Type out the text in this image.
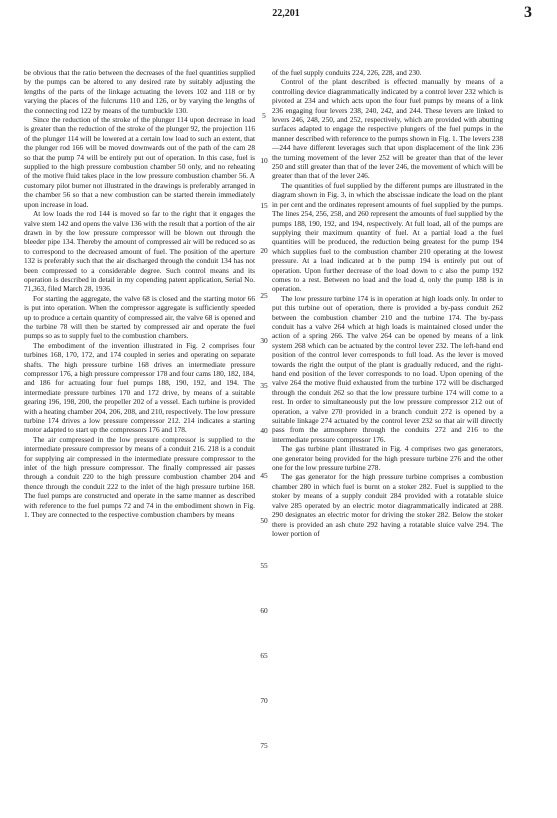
22,201	3

be obvious that the ratio between the decreases of the fuel quantities supplied by the pumps can be altered to any desired rate by suitably adjusting the lengths of the parts of the linkage actuating the levers 102 and 118 or by varying the places of the fulcrums 110 and 126, or by varying the lengths of the connecting rod 122 by means of the turnbuckle 130.

Since the reduction of the stroke of the plunger 114 upon decrease in load is greater than the reduction of the stroke of the plunger 92, the projection 116 of the plunger 114 will be lowered at a certain low load to such an extent, that the plunger rod 166 will be moved downwards out of the path of the cam 28 so that the pump 74 will be entirely put out of operation. In this case, fuel is supplied to the high pressure combustion chamber 50 only, and no reheating of the motive fluid takes place in the low pressure combustion chamber 56. A customary pilot burner not illustrated in the drawings is preferably arranged in the chamber 56 so that a new combustion can be started therein immediately upon increase in load.

At low loads the rod 144 is moved so far to the right that it engages the valve stem 142 and opens the valve 136 with the result that a portion of the air drawn in by the low pressure compressor will be blown out through the bleeder pipe 134. Thereby the amount of compressed air will be reduced so as to correspond to the decreased amount of fuel. The position of the aperture 132 is preferably such that the air discharged through the conduit 134 has not been compressed to a considerable degree. Such control means and its operation is described in detail in my copending patent application, Serial No. 71,363, filed March 28, 1936.

For starting the aggregate, the valve 68 is closed and the starting motor 66 is put into operation. When the compressor aggregate is sufficiently speeded up to produce a certain quantity of compressed air, the valve 68 is opened and the turbine 78 will then be started by compressed air and operate the fuel pumps so as to supply fuel to the combustion chambers.

The embodiment of the invention illustrated in Fig. 2 comprises four turbines 168, 170, 172, and 174 coupled in series and operating on separate shafts. The high pressure turbine 168 drives an intermediate pressure compressor 176, a high pressure compressor 178 and four cams 180, 182, 184, and 186 for actuating four fuel pumps 188, 190, 192, and 194. The intermediate pressure turbines 170 and 172 drive, by means of a suitable gearing 196, 198, 200, the propeller 202 of a vessel. Each turbine is provided with a heating chamber 204, 206, 208, and 210, respectively. The low pressure turbine 174 drives a low pressure compressor 212. 214 indicates a starting motor adapted to start up the compressors 176 and 178.

The air compressed in the low pressure compressor is supplied to the intermediate pressure compressor by means of a conduit 216. 218 is a conduit for supplying air compressed in the intermediate pressure compressor to the inlet of the high pressure compressor. The finally compressed air passes through a conduit 220 to the high pressure combustion chamber 204 and thence through the conduit 222 to the inlet of the high pressure turbine 168. The fuel pumps are constructed and operate in the same manner as described with reference to the fuel pumps 72 and 74 in the embodiment shown in Fig. 1. They are connected to the respective combustion chambers by means

of the fuel supply conduits 224, 226, 228, and 230.

Control of the plant described is effected manually by means of a controlling device diagrammatically indicated by a control lever 232 which is pivoted at 234 and which acts upon the four fuel pumps by means of a link 236 engaging four levers 238, 240, 242, and 244. These levers are linked to levers 246, 248, 250, and 252, respectively, which are provided with abutting surfaces adapted to engage the respective plungers of the fuel pumps in the manner described with reference to the pumps shown in Fig. 1. The levers 238—244 have different leverages such that upon displacement of the link 236 the turning movement of the lever 252 will be greater than that of the lever 250 and still greater than that of the lever 246, the movement of which will be greater than that of the lever 246.

The quantities of fuel supplied by the different pumps are illustrated in the diagram shown in Fig. 3, in which the abscissae indicate the load on the plant in per cent and the ordinates represent amounts of fuel supplied by the pumps. The lines 254, 256, 258, and 260 represent the amounts of fuel supplied by the pumps 188, 190, 192, and 194, respectively. At full load, all of the pumps are supplying their maximum quantity of fuel. At a partial load a the fuel quantities will be produced, the reduction being greatest for the pump 194 which supplies fuel to the combustion chamber 210 operating at the lowest pressure. At a load indicated at b the pump 194 is entirely put out of operation. Upon further decrease of the load down to c also the pump 192 comes to a rest. Between no load and the load d, only the pump 188 is in operation.

The low pressure turbine 174 is in operation at high loads only. In order to put this turbine out of operation, there is provided a by-pass conduit 262 between the combustion chamber 210 and the turbine 174. The by-pass conduit has a valve 264 which at high loads is maintained closed under the action of a spring 266. The valve 264 can be opened by means of a link system 268 which can be actuated by the control lever 232. The left-hand end position of the control lever corresponds to full load. As the lever is moved towards the right the output of the plant is gradually reduced, and the right-hand end position of the lever corresponds to no load. Upon opening of the valve 264 the motive fluid exhausted from the turbine 172 will be discharged through the conduit 262 so that the low pressure turbine 174 will come to a rest. In order to simultaneously put the low pressure compressor 212 out of operation, a valve 270 provided in a branch conduit 272 is opened by a suitable linkage 274 actuated by the control lever 232 so that air will directly pass from the atmosphere through the conduits 272 and 216 to the intermediate pressure compressor 176.

The gas turbine plant illustrated in Fig. 4 comprises two gas generators, one generator being provided for the high pressure turbine 276 and the other one for the low pressure turbine 278.

The gas generator for the high pressure turbine comprises a combustion chamber 280 in which fuel is burnt on a stoker 282. Fuel is supplied to the stoker by means of a supply conduit 284 provided with a rotatable sluice valve 285 operated by an electric motor diagrammatically indicated at 288. 290 designates an electric motor for driving the stoker 282. Below the stoker there is provided an ash chute 292 having a rotatable sluice valve 294. The lower portion of

5
10
15
20
25
30
35
40
45
50
55
60
65
70
75
